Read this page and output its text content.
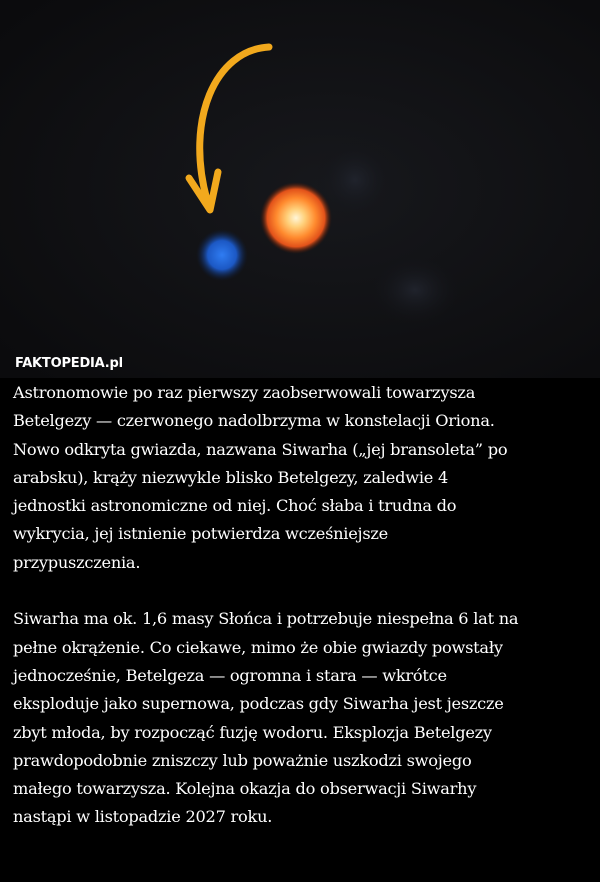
FAKTOPEDIA.pl

Astronomowie po raz pierwszy zaobserwowali towarzysza
Betelgezy — czerwonego nadolbrzyma w konstelacji Oriona.
Nowo odkryta gwiazda, nazwana Siwarha („jej bransoleta” po
arabsku), krąży niezwykle blisko Betelgezy, zaledwie 4
jednostki astronomiczne od niej. Choć słaba i trudna do
wykrycia, jej istnienie potwierdza wcześniejsze
przypuszczenia.

Siwarha ma ok. 1,6 masy Słońca i potrzebuje niespełna 6 lat na
pełne okrążenie. Co ciekawe, mimo że obie gwiazdy powstały
jednocześnie, Betelgeza — ogromna i stara — wkrótce
eksploduje jako supernowa, podczas gdy Siwarha jest jeszcze
zbyt młoda, by rozpocząć fuzję wodoru. Eksplozja Betelgezy
prawdopodobnie zniszczy lub poważnie uszkodzi swojego
małego towarzysza. Kolejna okazja do obserwacji Siwarhy
nastąpi w listopadzie 2027 roku.
